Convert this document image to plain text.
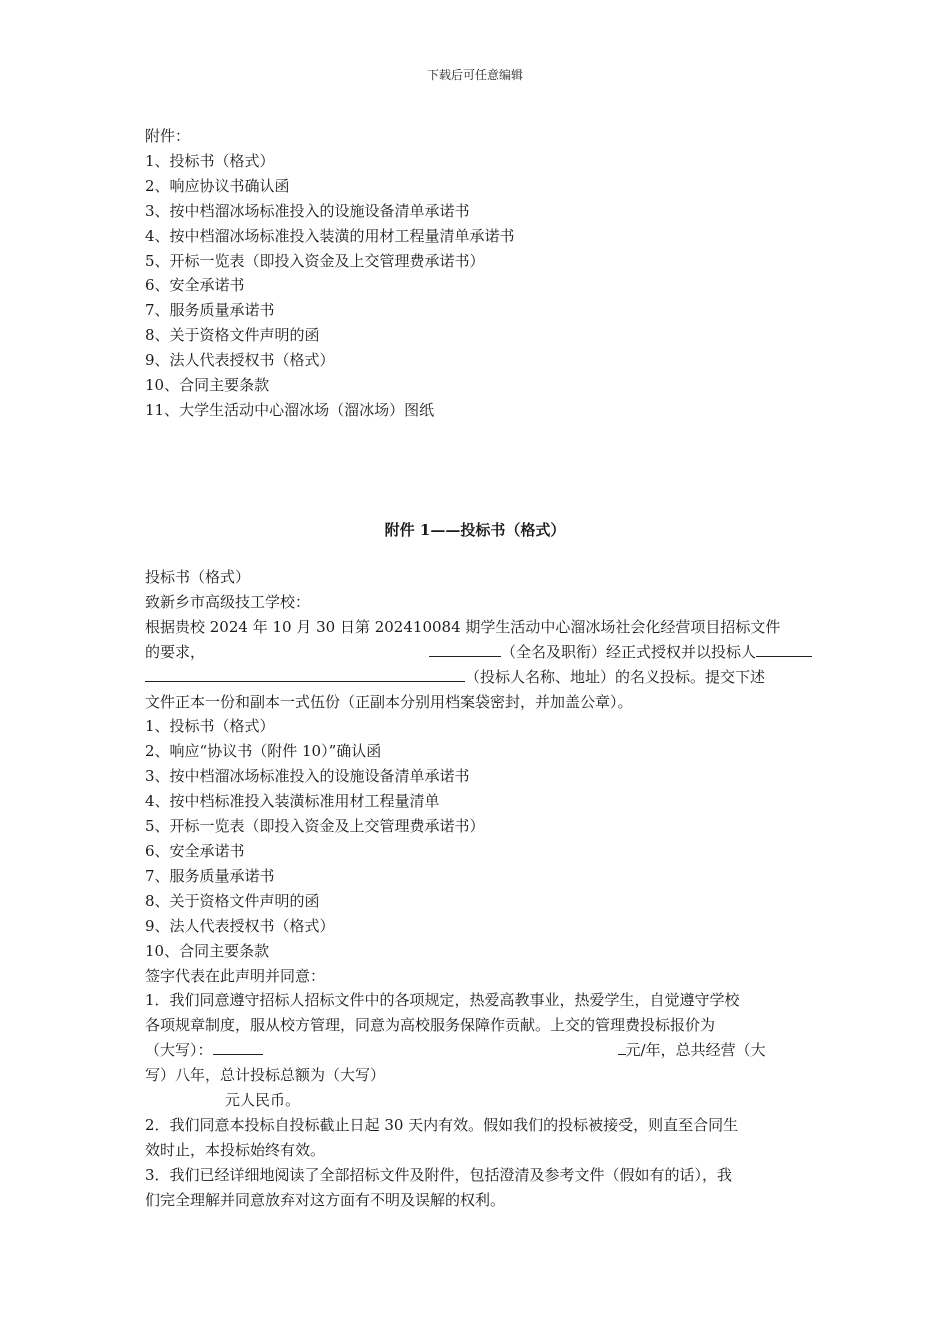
下载后可任意编辑
附件：
1、投标书（格式）
2、响应协议书确认函
3、按中档溜冰场标准投入的设施设备清单承诺书
4、按中档溜冰场标准投入装潢的用材工程量清单承诺书
5、开标一览表（即投入资金及上交管理费承诺书）
6、安全承诺书
7、服务质量承诺书
8、关于资格文件声明的函
9、法人代表授权书（格式）
10、合同主要条款
11、大学生活动中心溜冰场（溜冰场）图纸
附件 1——投标书（格式）
投标书（格式）
致新乡市高级技工学校：
根据贵校 2024 年 10 月 30 日第 202410084 期学生活动中心溜冰场社会化经营项目招标文件
的要求，	（全名及职衔）经正式授权并以投标人
（投标人名称、地址）的名义投标。提交下述
文件正本一份和副本一式伍份（正副本分别用档案袋密封，并加盖公章）。
1、投标书（格式）
2、响应“协议书（附件 10）”确认函
3、按中档溜冰场标准投入的设施设备清单承诺书
4、按中档标准投入装潢标准用材工程量清单
5、开标一览表（即投入资金及上交管理费承诺书）
6、安全承诺书
7、服务质量承诺书
8、关于资格文件声明的函
9、法人代表授权书（格式）
10、合同主要条款
签字代表在此声明并同意：
1．我们同意遵守招标人招标文件中的各项规定，热爱高教事业，热爱学生，自觉遵守学校
各项规章制度，服从校方管理，同意为高校服务保障作贡献。上交的管理费投标报价为
（大写）：	元/年，总共经营（大
写）八年，总计投标总额为（大写）
元人民币。
2．我们同意本投标自投标截止日起 30 天内有效。假如我们的投标被接受，则直至合同生
效时止，本投标始终有效。
3．我们已经详细地阅读了全部招标文件及附件，包括澄清及参考文件（假如有的话），我
们完全理解并同意放弃对这方面有不明及误解的权利。
